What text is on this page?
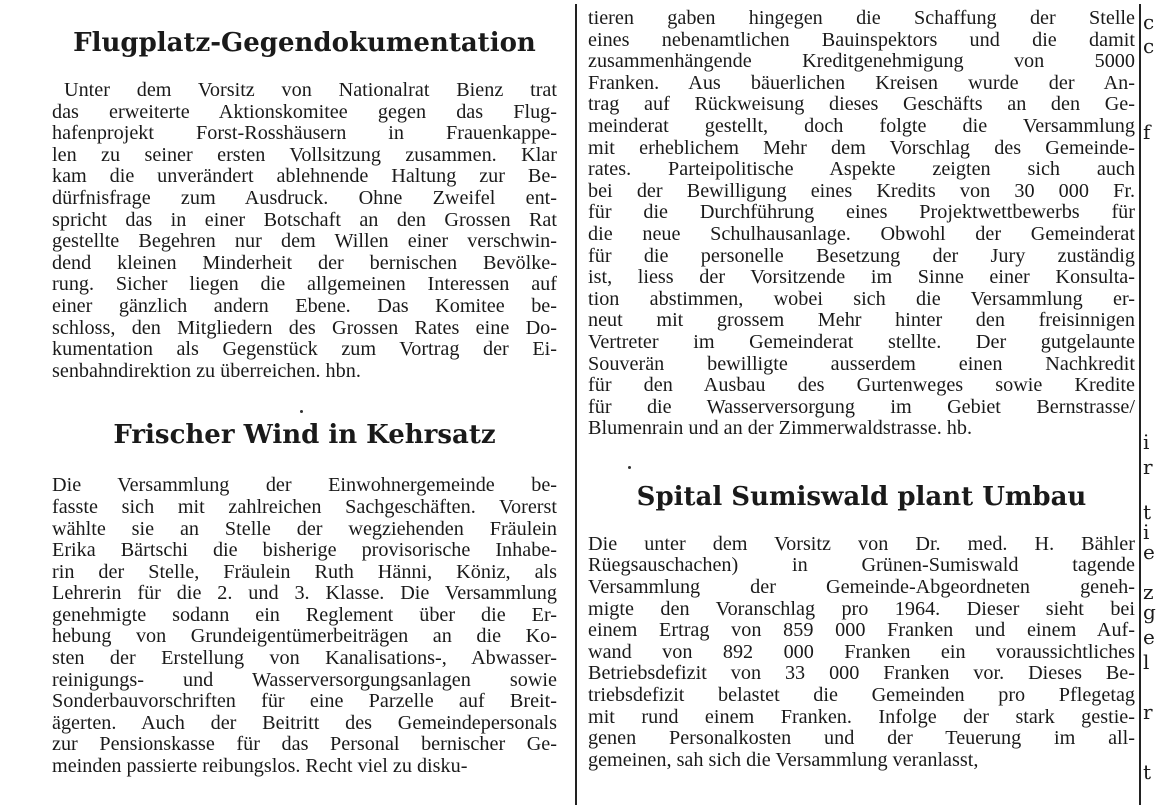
Flugplatz-Gegendokumentation
Unter dem Vorsitz von Nationalrat Bienz trat
das erweiterte Aktionskomitee gegen das Flug-
hafenprojekt Forst-Rosshäusern in Frauenkappe-
len zu seiner ersten Vollsitzung zusammen. Klar
kam die unverändert ablehnende Haltung zur Be-
dürfnisfrage zum Ausdruck. Ohne Zweifel ent-
spricht das in einer Botschaft an den Grossen Rat
gestellte Begehren nur dem Willen einer verschwin-
dend kleinen Minderheit der bernischen Bevölke-
rung. Sicher liegen die allgemeinen Interessen auf
einer gänzlich andern Ebene. Das Komitee be-
schloss, den Mitgliedern des Grossen Rates eine Do-
kumentation als Gegenstück zum Vortrag der Ei-
senbahndirektion zu überreichen. hbn.
Frischer Wind in Kehrsatz
Die Versammlung der Einwohnergemeinde be-
fasste sich mit zahlreichen Sachgeschäften. Vorerst
wählte sie an Stelle der wegziehenden Fräulein
Erika Bärtschi die bisherige provisorische Inhabe-
rin der Stelle, Fräulein Ruth Hänni, Köniz, als
Lehrerin für die 2. und 3. Klasse. Die Versammlung
genehmigte sodann ein Reglement über die Er-
hebung von Grundeigentümerbeiträgen an die Ko-
sten der Erstellung von Kanalisations-, Abwasser-
reinigungs- und Wasserversorgungsanlagen sowie
Sonderbauvorschriften für eine Parzelle auf Breit-
ägerten. Auch der Beitritt des Gemeindepersonals
zur Pensionskasse für das Personal bernischer Ge-
meinden passierte reibungslos. Recht viel zu disku-
tieren gaben hingegen die Schaffung der Stelle
eines nebenamtlichen Bauinspektors und die damit
zusammenhängende Kreditgenehmigung von 5000
Franken. Aus bäuerlichen Kreisen wurde der An-
trag auf Rückweisung dieses Geschäfts an den Ge-
meinderat gestellt, doch folgte die Versammlung
mit erheblichem Mehr dem Vorschlag des Gemeinde-
rates. Parteipolitische Aspekte zeigten sich auch
bei der Bewilligung eines Kredits von 30 000 Fr.
für die Durchführung eines Projektwettbewerbs für
die neue Schulhausanlage. Obwohl der Gemeinderat
für die personelle Besetzung der Jury zuständig
ist, liess der Vorsitzende im Sinne einer Konsulta-
tion abstimmen, wobei sich die Versammlung er-
neut mit grossem Mehr hinter den freisinnigen
Vertreter im Gemeinderat stellte. Der gutgelaunte
Souverän bewilligte ausserdem einen Nachkredit
für den Ausbau des Gurtenweges sowie Kredite
für die Wasserversorgung im Gebiet Bernstrasse/
Blumenrain und an der Zimmerwaldstrasse. hb.
Spital Sumiswald plant Umbau
Die unter dem Vorsitz von Dr. med. H. Bähler
Rüegsauschachen) in Grünen-Sumiswald tagende
Versammlung der Gemeinde-Abgeordneten geneh-
migte den Voranschlag pro 1964. Dieser sieht bei
einem Ertrag von 859 000 Franken und einem Auf-
wand von 892 000 Franken ein voraussichtliches
Betriebsdefizit von 33 000 Franken vor. Dieses Be-
triebsdefizit belastet die Gemeinden pro Pflegetag
mit rund einem Franken. Infolge der stark gestie-
genen Personalkosten und der Teuerung im all-
gemeinen, sah sich die Versammlung veranlasst,
c
c
f
i
r
t
i
e
z
g
e
l
r
t
